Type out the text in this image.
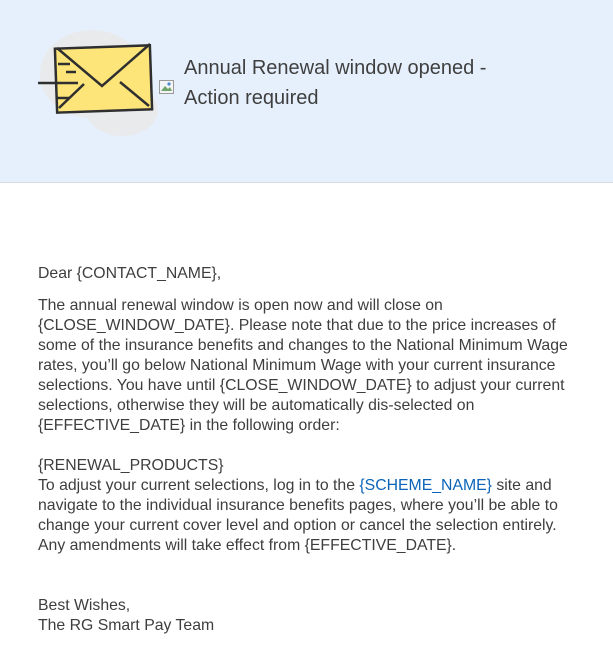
Annual Renewal window opened - Action required

Dear {CONTACT_NAME},

The annual renewal window is open now and will close on {CLOSE_WINDOW_DATE}. Please note that due to the price increases of some of the insurance benefits and changes to the National Minimum Wage rates, you’ll go below National Minimum Wage with your current insurance selections. You have until {CLOSE_WINDOW_DATE} to adjust your current selections, otherwise they will be automatically dis-selected on {EFFECTIVE_DATE} in the following order:

{RENEWAL_PRODUCTS}

To adjust your current selections, log in to the {SCHEME_NAME} site and navigate to the individual insurance benefits pages, where you’ll be able to change your current cover level and option or cancel the selection entirely. Any amendments will take effect from {EFFECTIVE_DATE}.

Best Wishes,

The RG Smart Pay Team
